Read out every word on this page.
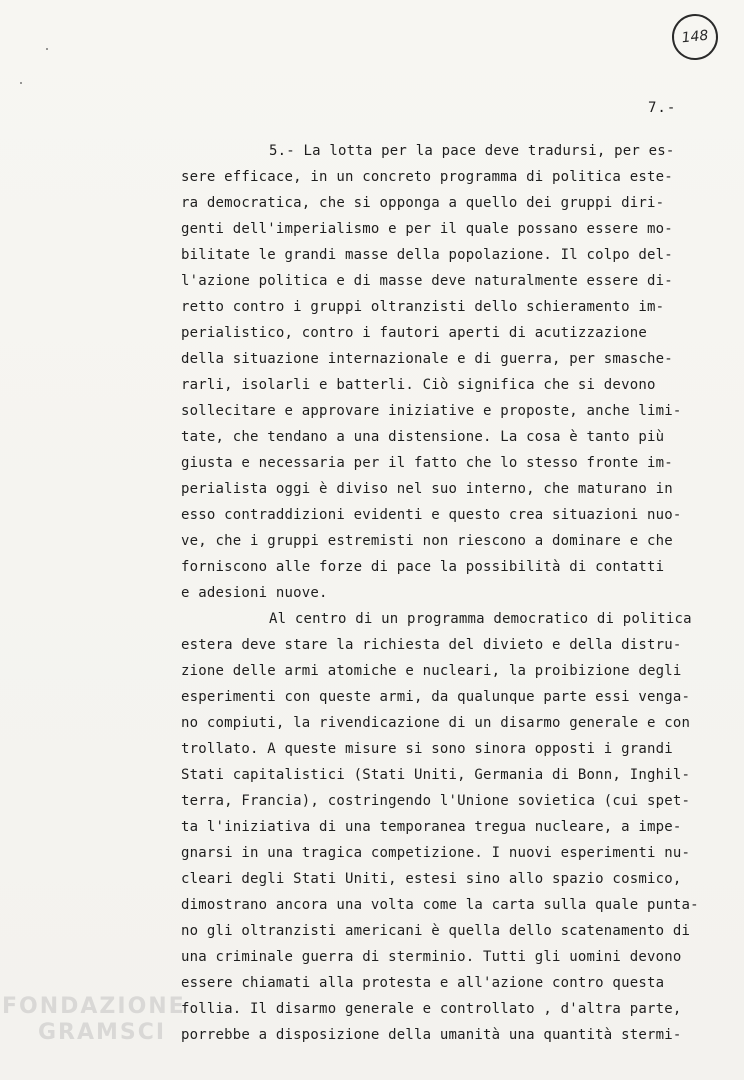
148
7.-
5.- La lotta per la pace deve tradursi, per es-
sere efficace, in un concreto programma di politica este-
ra democratica, che si opponga a quello dei gruppi diri-
genti dell'imperialismo e per il quale possano essere mo-
bilitate le grandi masse della popolazione. Il colpo del-
l'azione politica e di masse deve naturalmente essere di-
retto contro i gruppi oltranzisti dello schieramento im-
perialistico, contro i fautori aperti di acutizzazione
della situazione internazionale e di guerra, per smasche-
rarli, isolarli e batterli. Ciò significa che si devono
sollecitare e approvare iniziative e proposte, anche limi-
tate, che tendano a una distensione. La cosa è tanto più
giusta e necessaria per il fatto che lo stesso fronte im-
perialista oggi è diviso nel suo interno, che maturano in
esso contraddizioni evidenti e questo crea situazioni nuo-
ve, che i gruppi estremisti non riescono a dominare e che
forniscono alle forze di pace la possibilità di contatti
e adesioni nuove.
Al centro di un programma democratico di politica
estera deve stare la richiesta del divieto e della distru-
zione delle armi atomiche e nucleari, la proibizione degli
esperimenti con queste armi, da qualunque parte essi venga-
no compiuti, la rivendicazione di un disarmo generale e con
trollato. A queste misure si sono sinora opposti i grandi
Stati capitalistici (Stati Uniti, Germania di Bonn, Inghil-
terra, Francia), costringendo l'Unione sovietica (cui spet-
ta l'iniziativa di una temporanea tregua nucleare, a impe-
gnarsi in una tragica competizione. I nuovi esperimenti nu-
cleari degli Stati Uniti, estesi sino allo spazio cosmico,
dimostrano ancora una volta come la carta sulla quale punta-
no gli oltranzisti americani è quella dello scatenamento di
una criminale guerra di sterminio. Tutti gli uomini devono
essere chiamati alla protesta e all'azione contro questa
follia. Il disarmo generale e controllato , d'altra parte,
porrebbe a disposizione della umanità una quantità stermi-
FONDAZIONE
GRAMSCI
